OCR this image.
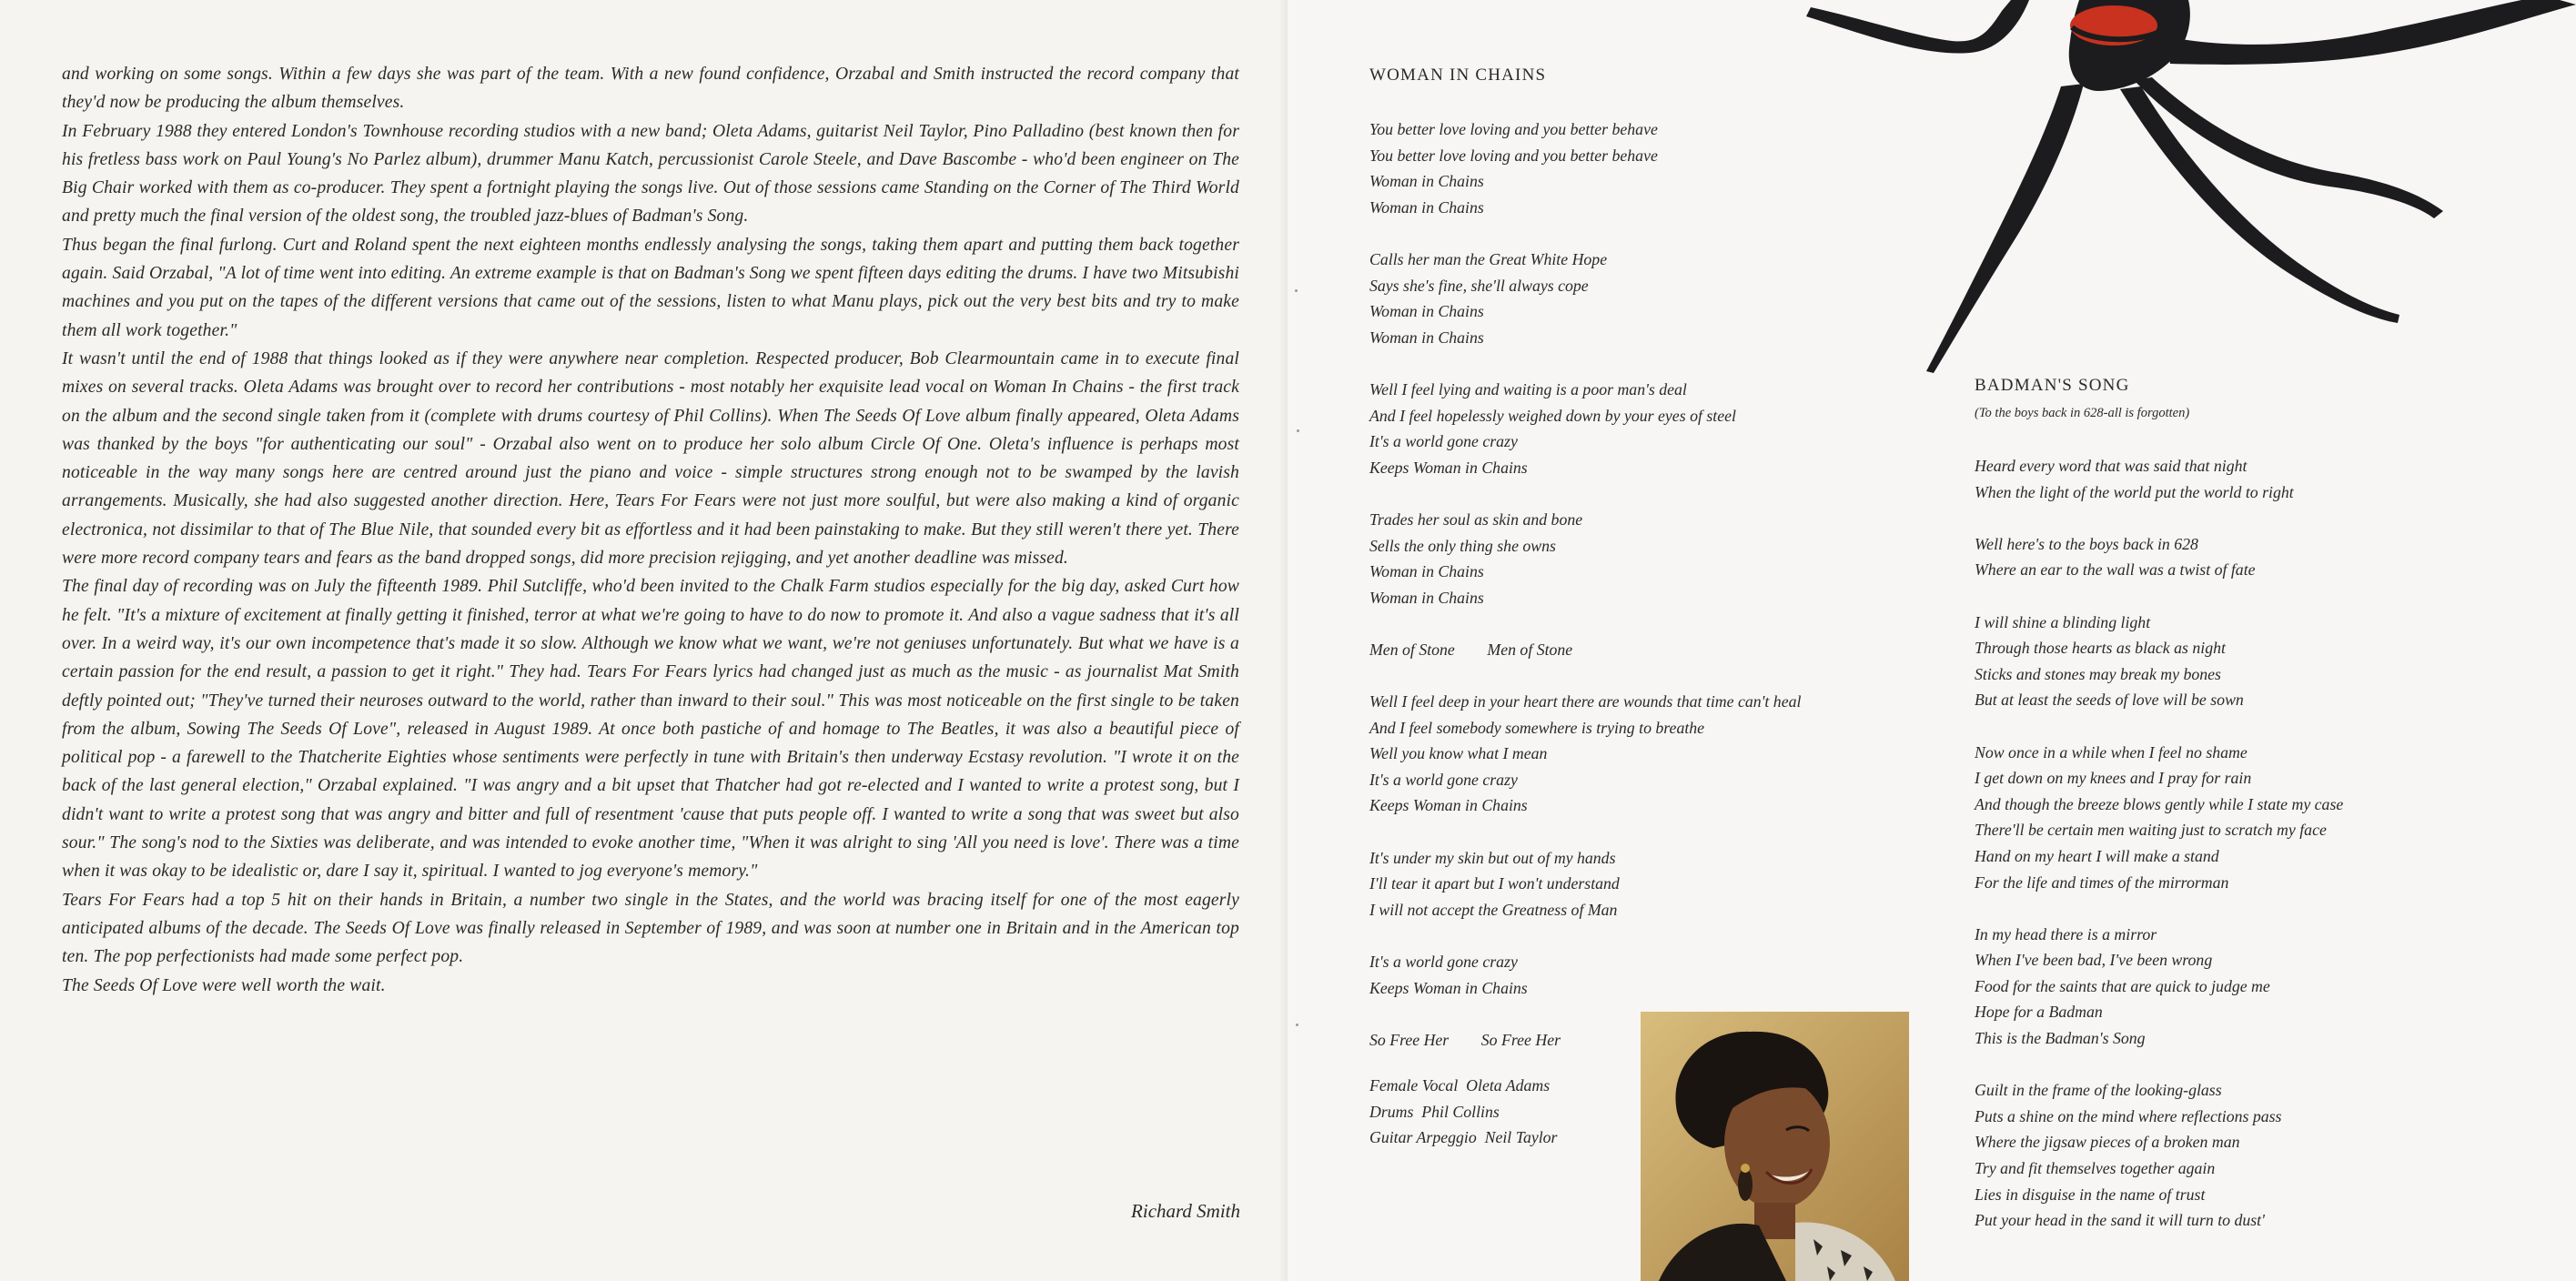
and working on some songs. Within a few days she was part of the team. With a new found confidence, Orzabal and Smith instructed the record company that they'd now be producing the album themselves.

In February 1988 they entered London's Townhouse recording studios with a new band; Oleta Adams, guitarist Neil Taylor, Pino Palladino (best known then for his fretless bass work on Paul Young's No Parlez album), drummer Manu Katch, percussionist Carole Steele, and Dave Bascombe - who'd been engineer on The Big Chair worked with them as co-producer. They spent a fortnight playing the songs live. Out of those sessions came Standing on the Corner of The Third World and pretty much the final version of the oldest song, the troubled jazz-blues of Badman's Song.

Thus began the final furlong. Curt and Roland spent the next eighteen months endlessly analysing the songs, taking them apart and putting them back together again. Said Orzabal, "A lot of time went into editing. An extreme example is that on Badman's Song we spent fifteen days editing the drums. I have two Mitsubishi machines and you put on the tapes of the different versions that came out of the sessions, listen to what Manu plays, pick out the very best bits and try to make them all work together."

It wasn't until the end of 1988 that things looked as if they were anywhere near completion. Respected producer, Bob Clearmountain came in to execute final mixes on several tracks. Oleta Adams was brought over to record her contributions - most notably her exquisite lead vocal on Woman In Chains - the first track on the album and the second single taken from it (complete with drums courtesy of Phil Collins). When The Seeds Of Love album finally appeared, Oleta Adams was thanked by the boys "for authenticating our soul" - Orzabal also went on to produce her solo album Circle Of One. Oleta's influence is perhaps most noticeable in the way many songs here are centred around just the piano and voice - simple structures strong enough not to be swamped by the lavish arrangements. Musically, she had also suggested another direction. Here, Tears For Fears were not just more soulful, but were also making a kind of organic electronica, not dissimilar to that of The Blue Nile, that sounded every bit as effortless and it had been painstaking to make. But they still weren't there yet. There were more record company tears and fears as the band dropped songs, did more precision rejigging, and yet another deadline was missed.

The final day of recording was on July the fifteenth 1989. Phil Sutcliffe, who'd been invited to the Chalk Farm studios especially for the big day, asked Curt how he felt. "It's a mixture of excitement at finally getting it finished, terror at what we're going to have to do now to promote it. And also a vague sadness that it's all over. In a weird way, it's our own incompetence that's made it so slow. Although we know what we want, we're not geniuses unfortunately. But what we have is a certain passion for the end result, a passion to get it right." They had. Tears For Fears lyrics had changed just as much as the music - as journalist Mat Smith deftly pointed out; "They've turned their neuroses outward to the world, rather than inward to their soul." This was most noticeable on the first single to be taken from the album, Sowing The Seeds Of Love", released in August 1989. At once both pastiche of and homage to The Beatles, it was also a beautiful piece of political pop - a farewell to the Thatcherite Eighties whose sentiments were perfectly in tune with Britain's then underway Ecstasy revolution. "I wrote it on the back of the last general election," Orzabal explained. "I was angry and a bit upset that Thatcher had got re-elected and I wanted to write a protest song, but I didn't want to write a protest song that was angry and bitter and full of resentment 'cause that puts people off. I wanted to write a song that was sweet but also sour." The song's nod to the Sixties was deliberate, and was intended to evoke another time, "When it was alright to sing 'All you need is love'. There was a time when it was okay to be idealistic or, dare I say it, spiritual. I wanted to jog everyone's memory."

Tears For Fears had a top 5 hit on their hands in Britain, a number two single in the States, and the world was bracing itself for one of the most eagerly anticipated albums of the decade. The Seeds Of Love was finally released in September of 1989, and was soon at number one in Britain and in the American top ten. The pop perfectionists had made some perfect pop.

The Seeds Of Love were well worth the wait.

Richard Smith
WOMAN IN CHAINS
You better love loving and you better behave
You better love loving and you better behave
Woman in Chains
Woman in Chains
Calls her man the Great White Hope
Says she's fine, she'll always cope
Woman in Chains
Woman in Chains
Well I feel lying and waiting is a poor man's deal
And I feel hopelessly weighed down by your eyes of steel
It's a world gone crazy
Keeps Woman in Chains
Trades her soul as skin and bone
Sells the only thing she owns
Woman in Chains
Woman in Chains
Men of Stone        Men of Stone
Well I feel deep in your heart there are wounds that time can't heal
And I feel somebody somewhere is trying to breathe
Well you know what I mean
It's a world gone crazy
Keeps Woman in Chains
It's under my skin but out of my hands
I'll tear it apart but I won't understand
I will not accept the Greatness of Man
It's a world gone crazy
Keeps Woman in Chains
So Free Her        So Free Her
Female Vocal  Oleta Adams
Drums  Phil Collins
Guitar Arpeggio  Neil Taylor
BADMAN'S SONG
(To the boys back in 628-all is forgotten)
Heard every word that was said that night
When the light of the world put the world to right
Well here's to the boys back in 628
Where an ear to the wall was a twist of fate
I will shine a blinding light
Through those hearts as black as night
Sticks and stones may break my bones
But at least the seeds of love will be sown
Now once in a while when I feel no shame
I get down on my knees and I pray for rain
And though the breeze blows gently while I state my case
There'll be certain men waiting just to scratch my face
Hand on my heart I will make a stand
For the life and times of the mirrorman
In my head there is a mirror
When I've been bad, I've been wrong
Food for the saints that are quick to judge me
Hope for a Badman
This is the Badman's Song
Guilt in the frame of the looking-glass
Puts a shine on the mind where reflections pass
Where the jigsaw pieces of a broken man
Try and fit themselves together again
Lies in disguise in the name of trust
Put your head in the sand it will turn to dust'
